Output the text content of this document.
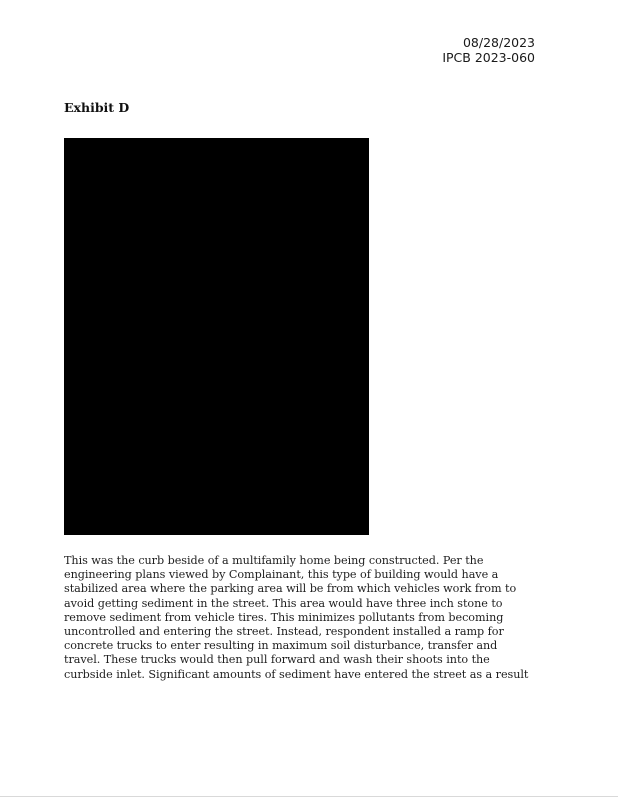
08/28/2023
IPCB 2023-060
Exhibit D
This was the curb beside of a multifamily home being constructed. Per the engineering plans viewed by Complainant, this type of building would have a stabilized area where the parking area will be from which vehicles work from to avoid getting sediment in the street. This area would have three inch stone to remove sediment from vehicle tires. This minimizes pollutants from becoming uncontrolled and entering the street. Instead, respondent installed a ramp for concrete trucks to enter resulting in maximum soil disturbance, transfer and travel. These trucks would then pull forward and wash their shoots into the curbside inlet. Significant amounts of sediment have entered the street as a result
